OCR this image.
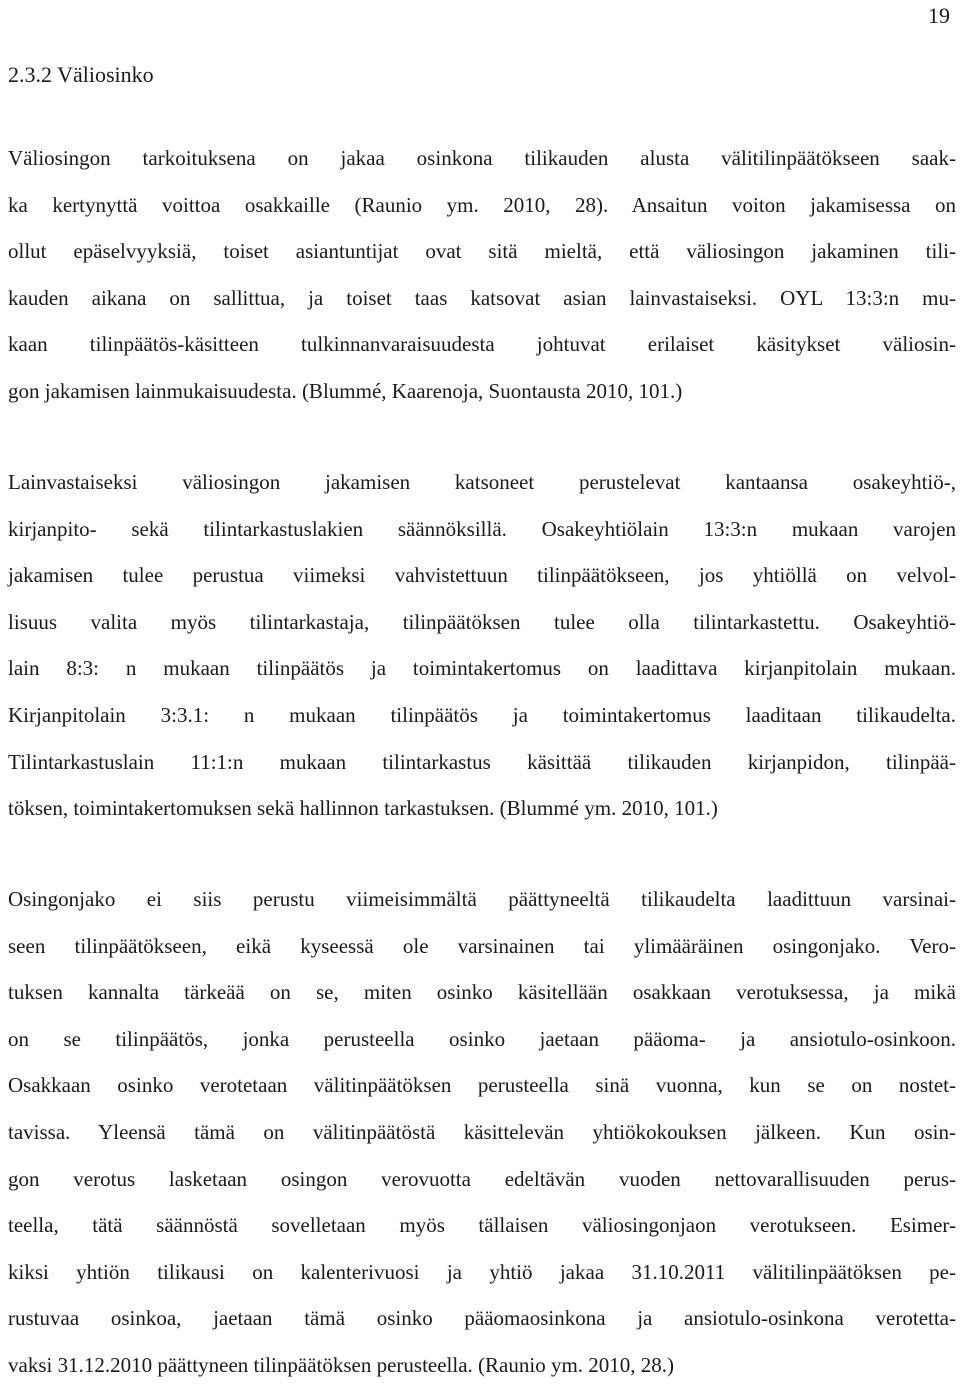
19
2.3.2 Väliosinko

Väliosingon tarkoituksena on jakaa osinkona tilikauden alusta välitilinpäätökseen saak-
ka kertynyttä voittoa osakkaille (Raunio ym. 2010, 28). Ansaitun voiton jakamisessa on
ollut epäselvyyksiä, toiset asiantuntijat ovat sitä mieltä, että väliosingon jakaminen tili-
kauden aikana on sallittua, ja toiset taas katsovat asian lainvastaiseksi. OYL 13:3:n mu-
kaan tilinpäätös-käsitteen tulkinnanvaraisuudesta johtuvat erilaiset käsitykset väliosin-
gon jakamisen lainmukaisuudesta. (Blummé, Kaarenoja, Suontausta 2010, 101.)

Lainvastaiseksi väliosingon jakamisen katsoneet perustelevat kantaansa osakeyhtiö-,
kirjanpito- sekä tilintarkastuslakien säännöksillä. Osakeyhtiölain 13:3:n mukaan varojen
jakamisen tulee perustua viimeksi vahvistettuun tilinpäätökseen, jos yhtiöllä on velvol-
lisuus valita myös tilintarkastaja, tilinpäätöksen tulee olla tilintarkastettu. Osakeyhtiö-
lain 8:3: n mukaan tilinpäätös ja toimintakertomus on laadittava kirjanpitolain mukaan.
Kirjanpitolain 3:3.1: n mukaan tilinpäätös ja toimintakertomus laaditaan tilikaudelta.
Tilintarkastuslain 11:1:n mukaan tilintarkastus käsittää tilikauden kirjanpidon, tilinpää-
töksen, toimintakertomuksen sekä hallinnon tarkastuksen. (Blummé ym. 2010, 101.)

Osingonjako ei siis perustu viimeisimmältä päättyneeltä tilikaudelta laadittuun varsinai-
seen tilinpäätökseen, eikä kyseessä ole varsinainen tai ylimääräinen osingonjako. Vero-
tuksen kannalta tärkeää on se, miten osinko käsitellään osakkaan verotuksessa, ja mikä
on se tilinpäätös, jonka perusteella osinko jaetaan pääoma- ja ansiotulo-osinkoon.
Osakkaan osinko verotetaan välitinpäätöksen perusteella sinä vuonna, kun se on nostet-
tavissa. Yleensä tämä on välitinpäätöstä käsittelevän yhtiökokouksen jälkeen. Kun osin-
gon verotus lasketaan osingon verovuotta edeltävän vuoden nettovarallisuuden perus-
teella, tätä säännöstä sovelletaan myös tällaisen väliosingonjaon verotukseen. Esimer-
kiksi yhtiön tilikausi on kalenterivuosi ja yhtiö jakaa 31.10.2011 välitilinpäätöksen pe-
rustuvaa osinkoa, jaetaan tämä osinko pääomaosinkona ja ansiotulo-osinkona verotetta-
vaksi 31.12.2010 päättyneen tilinpäätöksen perusteella. (Raunio ym. 2010, 28.)
